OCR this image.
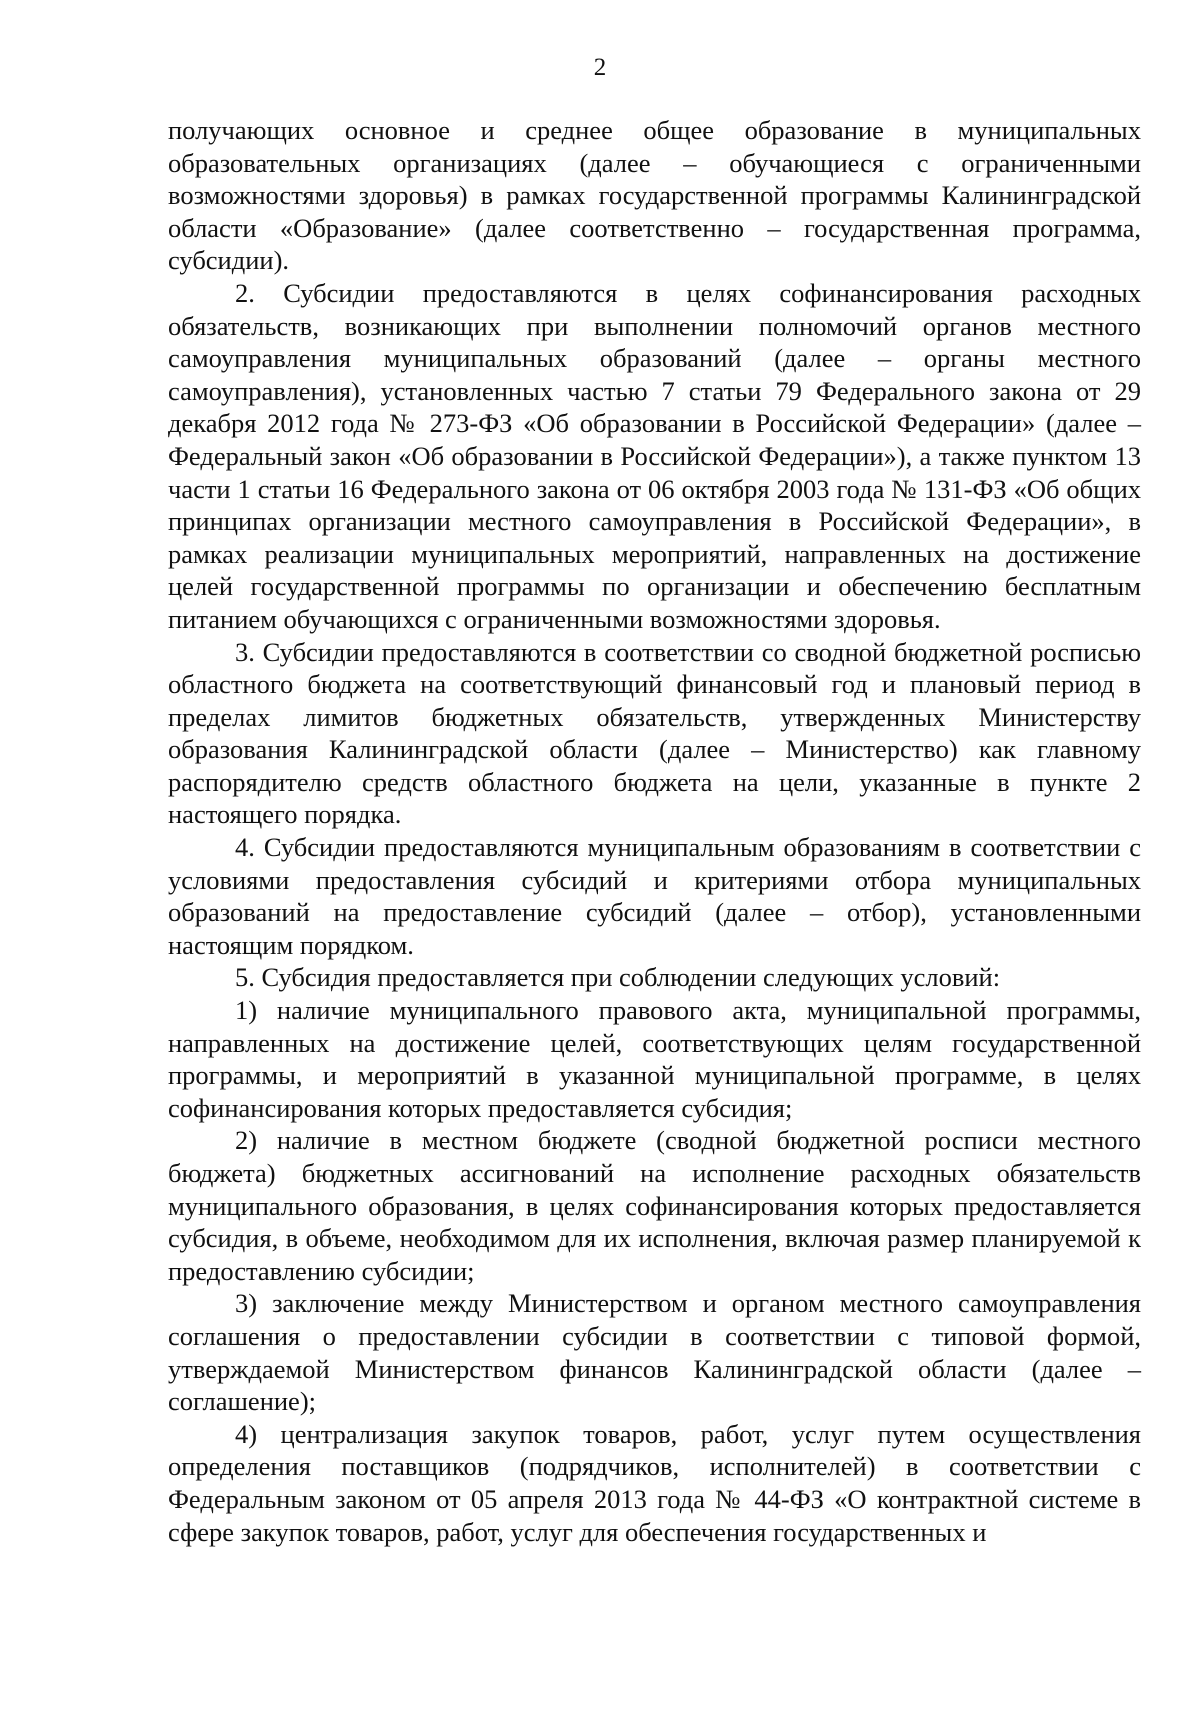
2

получающих основное и среднее общее образование в муниципальных образовательных организациях (далее – обучающиеся с ограниченными возможностями здоровья) в рамках государственной программы Калининградской области «Образование» (далее соответственно – государственная программа, субсидии).

2. Субсидии предоставляются в целях софинансирования расходных обязательств, возникающих при выполнении полномочий органов местного самоуправления муниципальных образований (далее – органы местного самоуправления), установленных частью 7 статьи 79 Федерального закона от 29 декабря 2012 года № 273-ФЗ «Об образовании в Российской Федерации» (далее – Федеральный закон «Об образовании в Российской Федерации»), а также пунктом 13 части 1 статьи 16 Федерального закона от 06 октября 2003 года № 131-ФЗ «Об общих принципах организации местного самоуправления в Российской Федерации», в рамках реализации муниципальных мероприятий, направленных на достижение целей государственной программы по организации и обеспечению бесплатным питанием обучающихся с ограниченными возможностями здоровья.

3. Субсидии предоставляются в соответствии со сводной бюджетной росписью областного бюджета на соответствующий финансовый год и плановый период в пределах лимитов бюджетных обязательств, утвержденных Министерству образования Калининградской области (далее – Министерство) как главному распорядителю средств областного бюджета на цели, указанные в пункте 2 настоящего порядка.

4. Субсидии предоставляются муниципальным образованиям в соответствии с условиями предоставления субсидий и критериями отбора муниципальных образований на предоставление субсидий (далее – отбор), установленными настоящим порядком.

5. Субсидия предоставляется при соблюдении следующих условий:

1) наличие муниципального правового акта, муниципальной программы, направленных на достижение целей, соответствующих целям государственной программы, и мероприятий в указанной муниципальной программе, в целях софинансирования которых предоставляется субсидия;

2) наличие в местном бюджете (сводной бюджетной росписи местного бюджета) бюджетных ассигнований на исполнение расходных обязательств муниципального образования, в целях софинансирования которых предоставляется субсидия, в объеме, необходимом для их исполнения, включая размер планируемой к предоставлению субсидии;

3) заключение между Министерством и органом местного самоуправления соглашения о предоставлении субсидии в соответствии с типовой формой, утверждаемой Министерством финансов Калининградской области (далее – соглашение);

4) централизация закупок товаров, работ, услуг путем осуществления определения поставщиков (подрядчиков, исполнителей) в соответствии с Федеральным законом от 05 апреля 2013 года № 44-ФЗ «О контрактной системе в сфере закупок товаров, работ, услуг для обеспечения государственных и
